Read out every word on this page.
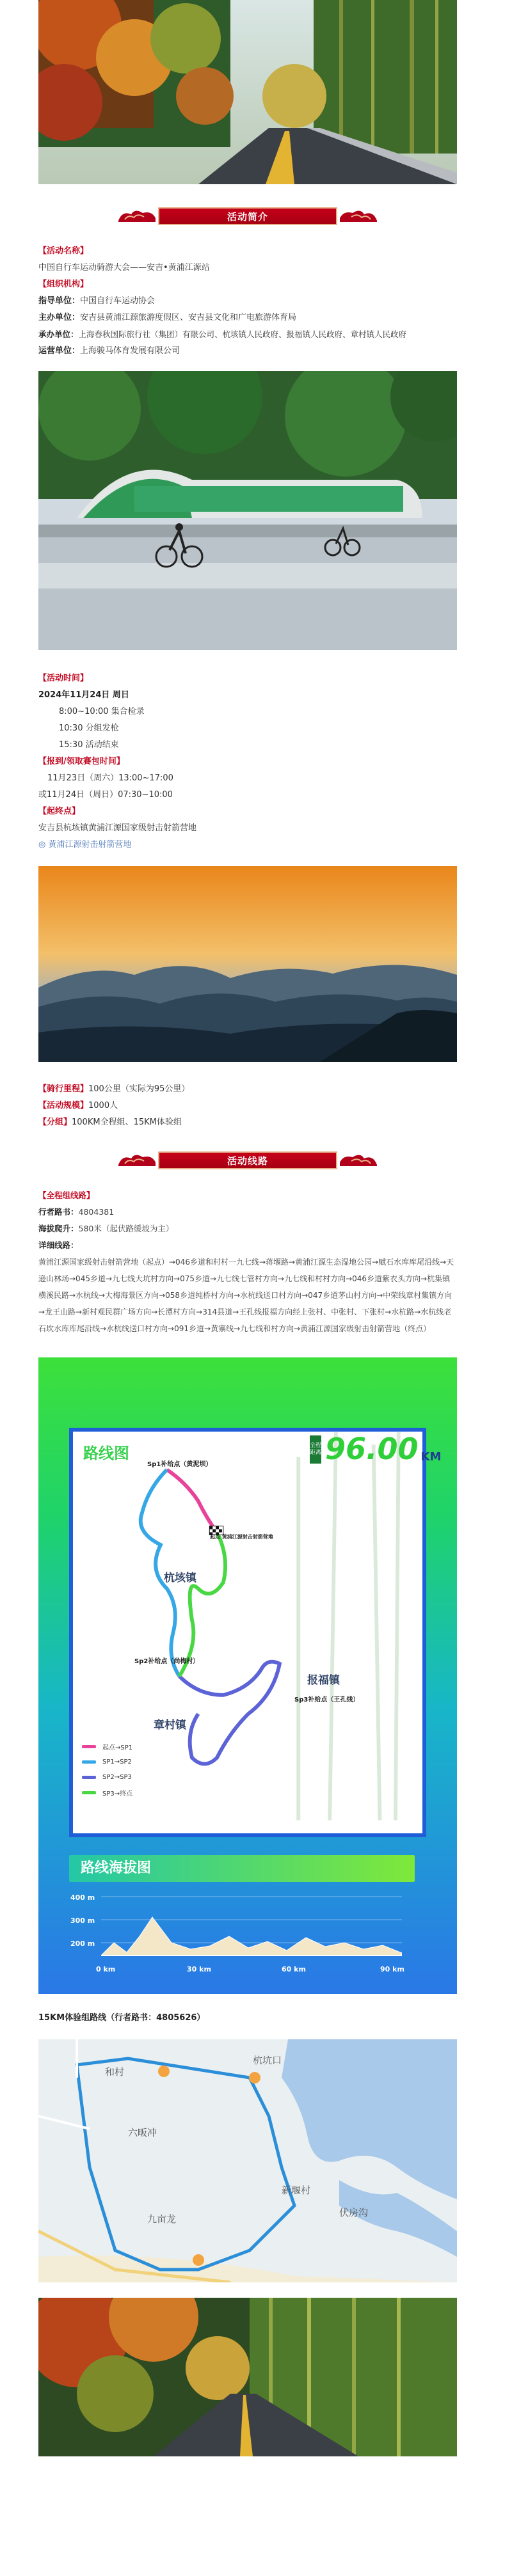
活动简介
【活动名称】
中国自行车运动骑游大会——安吉•黄浦江源站
【组织机构】
指导单位：中国自行车运动协会
主办单位：安吉县黄浦江源旅游度假区、安吉县文化和广电旅游体育局
承办单位：上海春秋国际旅行社（集团）有限公司、杭垓镇人民政府、报福镇人民政府、章村镇人民政府
运营单位：上海骏马体育发展有限公司
【活动时间】
2024年11月24日 周日
8:00~10:00 集合检录
10:30 分组发枪
15:30 活动结束
【报到/领取赛包时间】
11月23日（周六）13:00~17:00
或11月24日（周日）07:30~10:00
【起终点】
安吉县杭垓镇黄浦江源国家级射击射箭营地
◎ 黄浦江源射击射箭营地
【骑行里程】100公里（实际为95公里）
【活动规模】1000人
【分组】100KM全程组、15KM体验组
活动线路
【全程组线路】
行者路书：4804381
海拔爬升：580米（起伏路缓坡为主）
详细线路：
黄浦江源国家级射击射箭营地（起点）→046乡道和村村一九七线→蒋堰路→黄浦江源生态湿地公园→赋石水库库尾沿线→天逊山林场→045乡道→九七线大坑村方向→075乡道→九七线七管村方向→九七线和村村方向→046乡道紫衣头方向→杭集镇横溪民路→水杭线→大梅海景区方向→058乡道纯桥村方向→水杭线送口村方向→047乡道茅山村方向→中荣线章村集镇方向→龙王山路→新村观民群广场方向→长潭村方向→314县道→王孔线报福方向经上张村、中张村、下张村→水杭路→水杭线老石坎水库库尾沿线→水杭线送口村方向→091乡道→黄寨线→九七线和村方向→黄浦江源国家级射击射箭营地（终点）
路线图	全程距离 96.00 KM
Sp1补给点（黄泥坝）
起点 黄浦江源射击射箭营地
杭垓镇
Sp2补给点（尚梅村）
报福镇
Sp3补给点（王孔线）
章村镇
起点→SP1
SP1→SP2
SP2→SP3
SP3→终点
路线海拔图
400 m
300 m
200 m
0 km	30 km	60 km	90 km
15KM体验组路线（行者路书：4805626）
杭坑口
六畈冲
九亩龙
伏房沟
新堰村
和村
